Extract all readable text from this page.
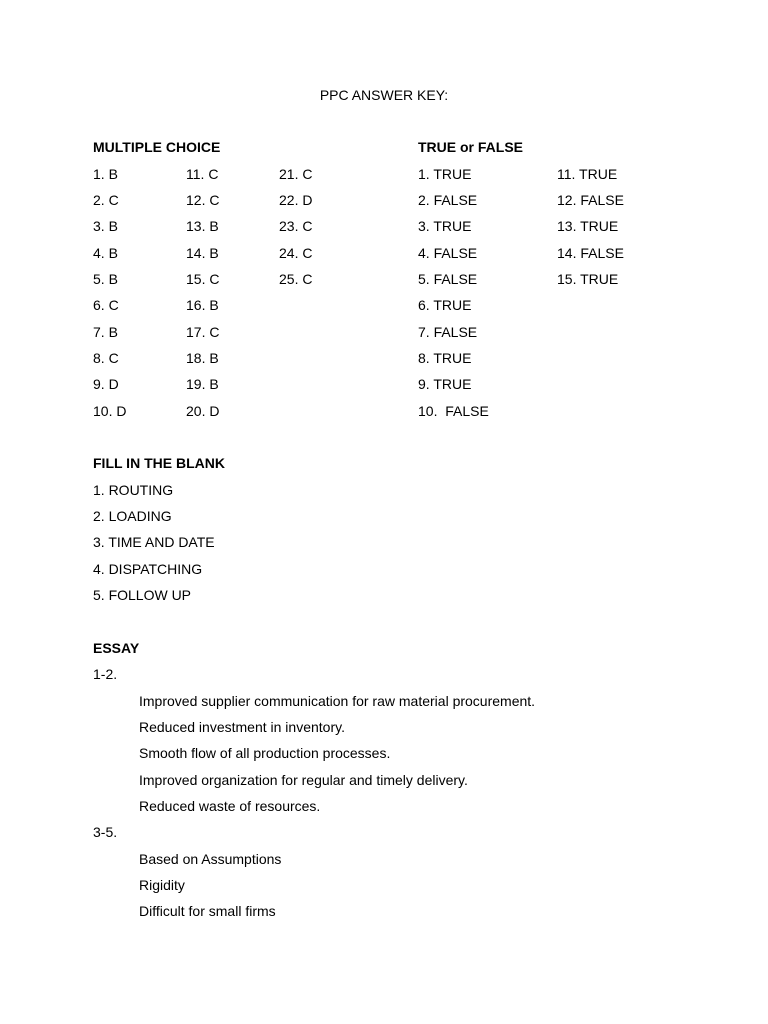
PPC ANSWER KEY:
MULTIPLE CHOICE
1. B
2. C
3. B
4. B
5. B
6. C
7. B
8. C
9. D
10. D
11. C
12. C
13. B
14. B
15. C
16. B
17. C
18. B
19. B
20. D
21. C
22. D
23. C
24. C
25. C
TRUE or FALSE
1. TRUE
2. FALSE
3. TRUE
4. FALSE
5. FALSE
6. TRUE
7. FALSE
8. TRUE
9. TRUE
10.  FALSE
11. TRUE
12. FALSE
13. TRUE
14. FALSE
15. TRUE
FILL IN THE BLANK
1. ROUTING
2. LOADING
3. TIME AND DATE
4. DISPATCHING
5. FOLLOW UP
ESSAY
1-2.
Improved supplier communication for raw material procurement.
Reduced investment in inventory.
Smooth flow of all production processes.
Improved organization for regular and timely delivery.
Reduced waste of resources.
3-5.
Based on Assumptions
Rigidity
Difficult for small firms
